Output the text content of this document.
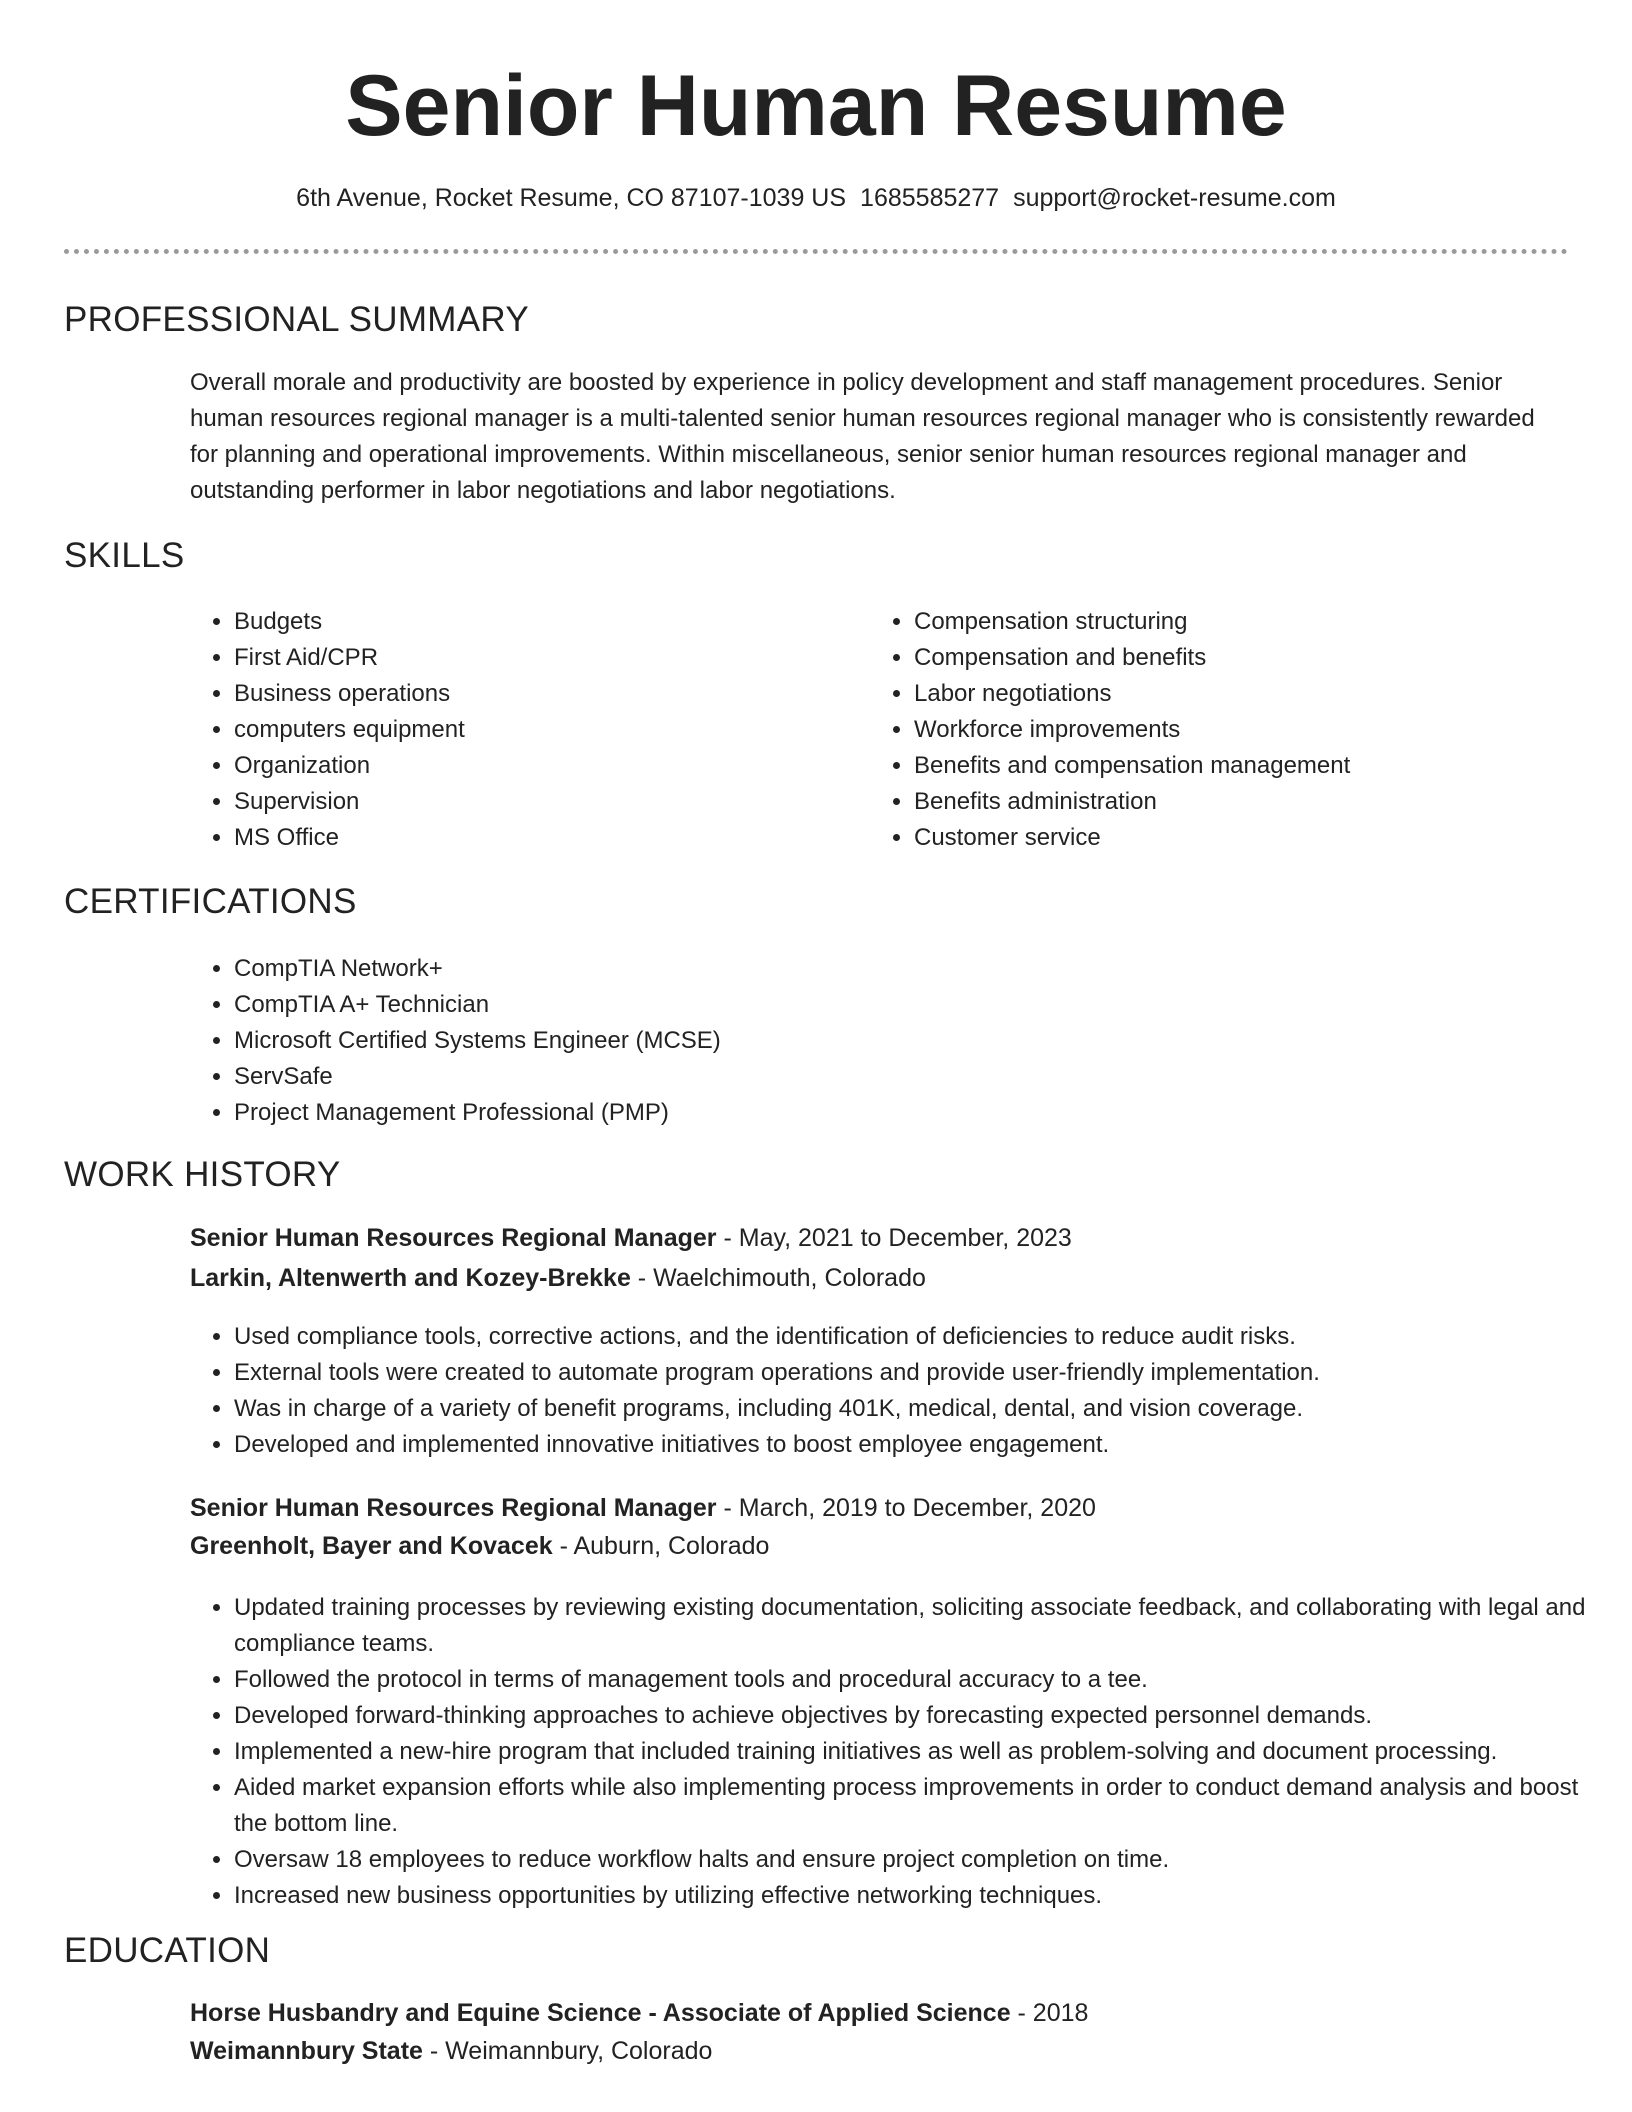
Senior Human Resume
6th Avenue, Rocket Resume, CO 87107-1039 US 1685585277 support@rocket-resume.com
PROFESSIONAL SUMMARY

Overall morale and productivity are boosted by experience in policy development and staff management procedures. Senior human resources regional manager is a multi-talented senior human resources regional manager who is consistently rewarded for planning and operational improvements. Within miscellaneous, senior senior human resources regional manager and outstanding performer in labor negotiations and labor negotiations.

SKILLS
• Budgets
• First Aid/CPR
• Business operations
• computers equipment
• Organization
• Supervision
• MS Office
• Compensation structuring
• Compensation and benefits
• Labor negotiations
• Workforce improvements
• Benefits and compensation management
• Benefits administration
• Customer service
CERTIFICATIONS
• CompTIA Network+
• CompTIA A+ Technician
• Microsoft Certified Systems Engineer (MCSE)
• ServSafe
• Project Management Professional (PMP)
WORK HISTORY
Senior Human Resources Regional Manager - May, 2021 to December, 2023
Larkin, Altenwerth and Kozey-Brekke - Waelchimouth, Colorado
• Used compliance tools, corrective actions, and the identification of deficiencies to reduce audit risks.
• External tools were created to automate program operations and provide user-friendly implementation.
• Was in charge of a variety of benefit programs, including 401K, medical, dental, and vision coverage.
• Developed and implemented innovative initiatives to boost employee engagement.
Senior Human Resources Regional Manager - March, 2019 to December, 2020
Greenholt, Bayer and Kovacek - Auburn, Colorado
• Updated training processes by reviewing existing documentation, soliciting associate feedback, and collaborating with legal and compliance teams.
• Followed the protocol in terms of management tools and procedural accuracy to a tee.
• Developed forward-thinking approaches to achieve objectives by forecasting expected personnel demands.
• Implemented a new-hire program that included training initiatives as well as problem-solving and document processing.
• Aided market expansion efforts while also implementing process improvements in order to conduct demand analysis and boost the bottom line.
• Oversaw 18 employees to reduce workflow halts and ensure project completion on time.
• Increased new business opportunities by utilizing effective networking techniques.
EDUCATION
Horse Husbandry and Equine Science - Associate of Applied Science - 2018
Weimannbury State - Weimannbury, Colorado
